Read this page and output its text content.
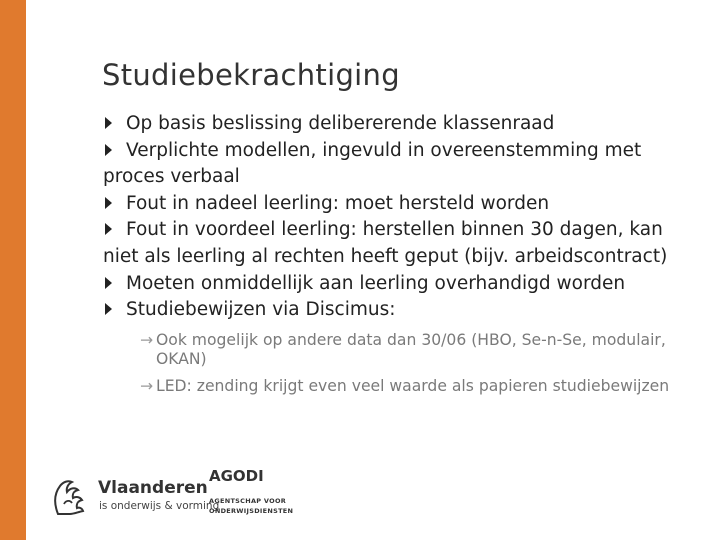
Studiebekrachtiging
Op basis beslissing delibererende klassenraad
Verplichte modellen, ingevuld in overeenstemming met proces verbaal
Fout in nadeel leerling: moet hersteld worden
Fout in voordeel leerling: herstellen binnen 30 dagen, kan niet als leerling al rechten heeft geput (bijv. arbeidscontract)
Moeten onmiddellijk aan leerling overhandigd worden
Studiebewijzen via Discimus:
→ Ook mogelijk op andere data dan 30/06 (HBO, Se-n-Se, modulair, OKAN)
→ LED: zending krijgt even veel waarde als papieren studiebewijzen
Vlaanderen
is onderwijs & vorming
AGODI
AGENTSCHAP VOOR
ONDERWIJSDIENSTEN
